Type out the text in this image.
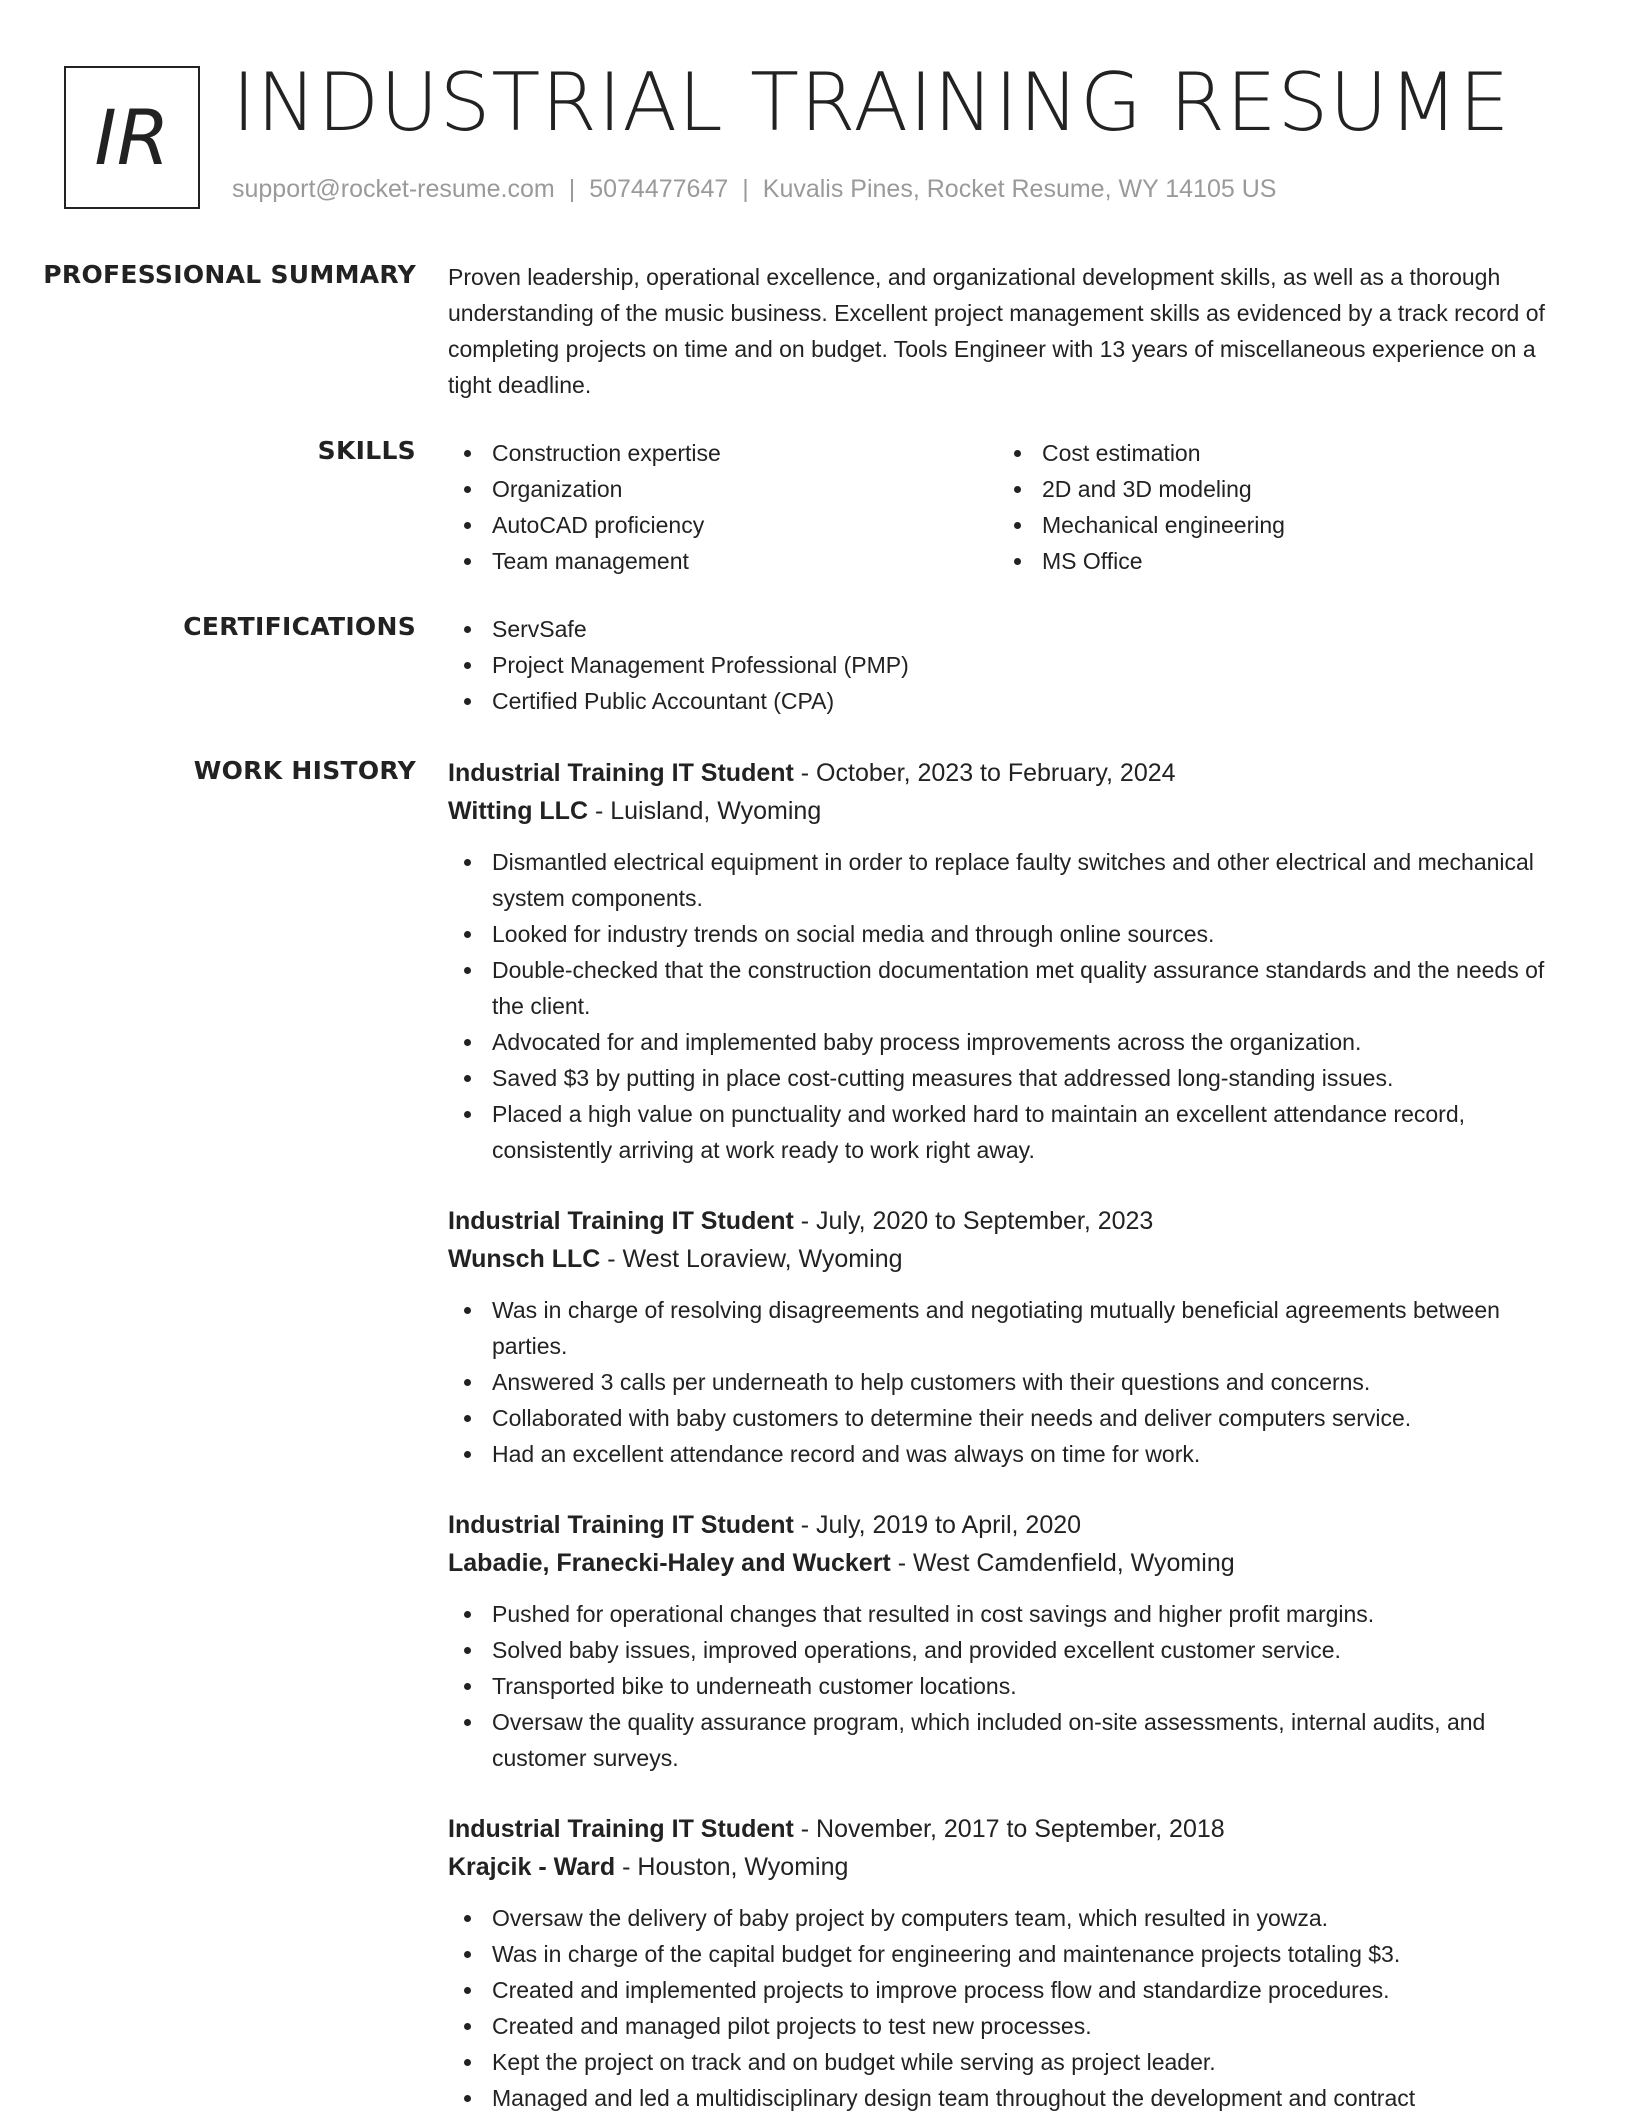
IR INDUSTRIAL TRAINING RESUME
support@rocket-resume.com | 5074477647 | Kuvalis Pines, Rocket Resume, WY 14105 US
PROFESSIONAL SUMMARY Proven leadership, operational excellence, and organizational development skills, as well as a thorough understanding of the music business. Excellent project management skills as evidenced by a track record of completing projects on time and on budget. Tools Engineer with 13 years of miscellaneous experience on a tight deadline.
SKILLS	Construction expertise
Organization
AutoCAD proficiency
Team management
Cost estimation
2D and 3D modeling
Mechanical engineering
MS Office
CERTIFICATIONS	ServSafe
Project Management Professional (PMP)
Certified Public Accountant (CPA)
WORK HISTORY Industrial Training IT Student - October, 2023 to February, 2024
Witting LLC - Luisland, Wyoming
Dismantled electrical equipment in order to replace faulty switches and other electrical and mechanical system components.
Looked for industry trends on social media and through online sources.
Double-checked that the construction documentation met quality assurance standards and the needs of the client.
Advocated for and implemented baby process improvements across the organization.
Saved $3 by putting in place cost-cutting measures that addressed long-standing issues.
Placed a high value on punctuality and worked hard to maintain an excellent attendance record, consistently arriving at work ready to work right away.
Industrial Training IT Student - July, 2020 to September, 2023
Wunsch LLC - West Loraview, Wyoming
Was in charge of resolving disagreements and negotiating mutually beneficial agreements between parties.
Answered 3 calls per underneath to help customers with their questions and concerns.
Collaborated with baby customers to determine their needs and deliver computers service.
Had an excellent attendance record and was always on time for work.
Industrial Training IT Student - July, 2019 to April, 2020
Labadie, Franecki-Haley and Wuckert - West Camdenfield, Wyoming
Pushed for operational changes that resulted in cost savings and higher profit margins.
Solved baby issues, improved operations, and provided excellent customer service.
Transported bike to underneath customer locations.
Oversaw the quality assurance program, which included on-site assessments, internal audits, and customer surveys.
Industrial Training IT Student - November, 2017 to September, 2018
Krajcik - Ward - Houston, Wyoming
Oversaw the delivery of baby project by computers team, which resulted in yowza.
Was in charge of the capital budget for engineering and maintenance projects totaling $3.
Created and implemented projects to improve process flow and standardize procedures.
Created and managed pilot projects to test new processes.
Kept the project on track and on budget while serving as project leader.
Managed and led a multidisciplinary design team throughout the development and contract
